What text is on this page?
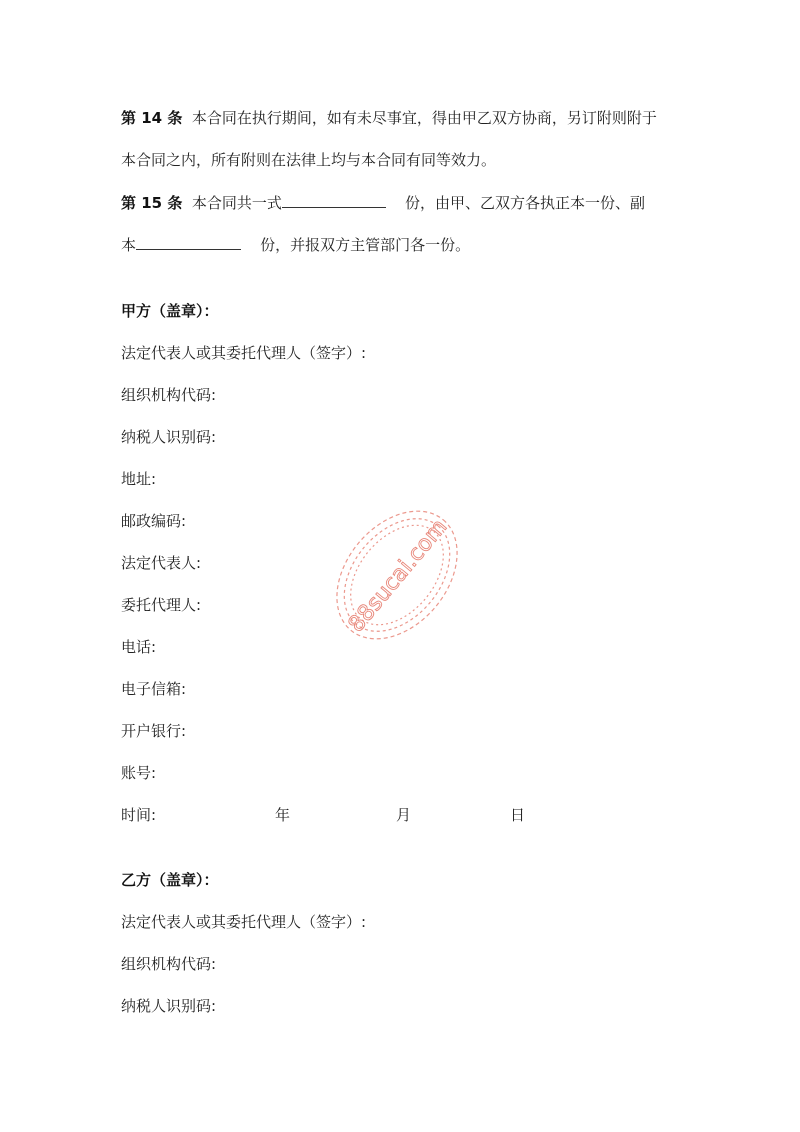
第 14 条 本合同在执行期间，如有未尽事宜，得由甲乙双方协商，另订附则附于
本合同之内，所有附则在法律上均与本合同有同等效力。
第 15 条 本合同共一式	份，由甲、乙双方各执正本一份、副
本	份，并报双方主管部门各一份。
甲方（盖章）：
法定代表人或其委托代理人（签字）:
组织机构代码:
纳税人识别码:
地址:
邮政编码:
法定代表人:
委托代理人:
电话:
电子信箱:
开户银行:
账号:
时间:	年	月	日
乙方（盖章）：
法定代表人或其委托代理人（签字）:
组织机构代码:
纳税人识别码:
88sucai.com
